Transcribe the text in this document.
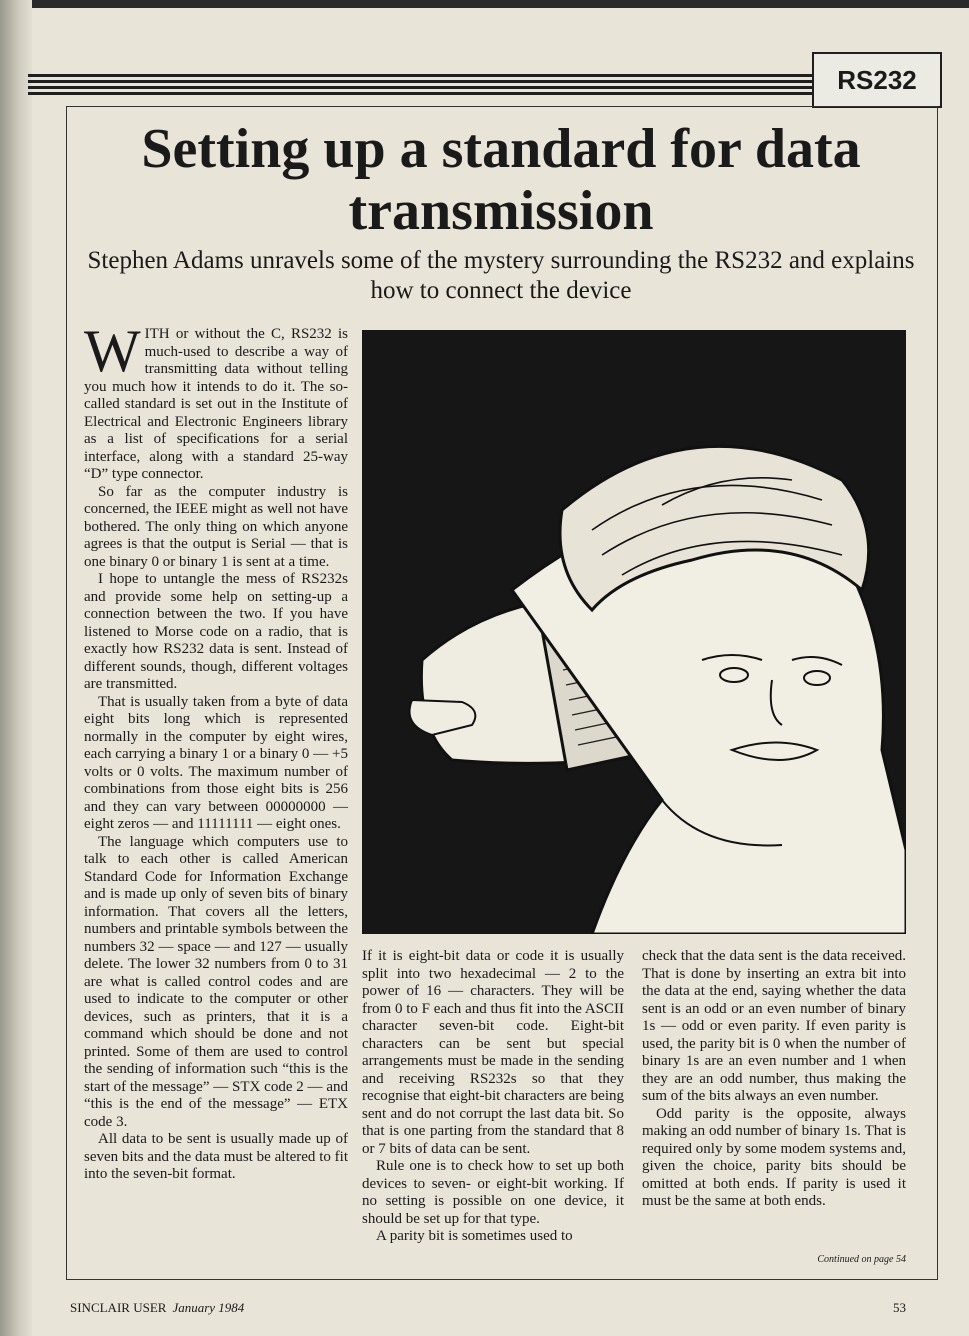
RS232
Setting up a standard for data transmission

Stephen Adams unravels some of the mystery surrounding the RS232 and explains how to connect the device

WITH or without the C, RS232 is much-used to describe a way of transmitting data without telling you much how it intends to do it. The so-called standard is set out in the Institute of Electrical and Electronic Engineers library as a list of specifications for a serial interface, along with a standard 25-way “D” type connector.

So far as the computer industry is concerned, the IEEE might as well not have bothered. The only thing on which anyone agrees is that the output is Serial — that is one binary 0 or binary 1 is sent at a time.

I hope to untangle the mess of RS232s and provide some help on setting-up a connection between the two. If you have listened to Morse code on a radio, that is exactly how RS232 data is sent. Instead of different sounds, though, different voltages are transmitted.

That is usually taken from a byte of data eight bits long which is represented normally in the computer by eight wires, each carrying a binary 1 or a binary 0 — +5 volts or 0 volts. The maximum number of combinations from those eight bits is 256 and they can vary between 00000000 — eight zeros — and 11111111 — eight ones.

The language which computers use to talk to each other is called American Standard Code for Information Exchange and is made up only of seven bits of binary information. That covers all the letters, numbers and printable symbols between the numbers 32 — space — and 127 — usually delete. The lower 32 numbers from 0 to 31 are what is called control codes and are used to indicate to the computer or other devices, such as printers, that it is a command which should be done and not printed. Some of them are used to control the sending of information such “this is the start of the message” — STX code 2 — and “this is the end of the message” — ETX code 3.

All data to be sent is usually made up of seven bits and the data must be altered to fit into the seven-bit format.

If it is eight-bit data or code it is usually split into two hexadecimal — 2 to the power of 16 — characters. They will be from 0 to F each and thus fit into the ASCII character seven-bit code. Eight-bit characters can be sent but special arrangements must be made in the sending and receiving RS232s so that they recognise that eight-bit characters are being sent and do not corrupt the last data bit. So that is one parting from the standard that 8 or 7 bits of data can be sent.

Rule one is to check how to set up both devices to seven- or eight-bit working. If no setting is possible on one device, it should be set up for that type.

A parity bit is sometimes used to

check that the data sent is the data received. That is done by inserting an extra bit into the data at the end, saying whether the data sent is an odd or an even number of binary 1s — odd or even parity. If even parity is used, the parity bit is 0 when the number of binary 1s are an even number and 1 when they are an odd number, thus making the sum of the bits always an even number.

Odd parity is the opposite, always making an odd number of binary 1s. That is required only by some modem systems and, given the choice, parity bits should be omitted at both ends. If parity is used it must be the same at both ends.

Continued on page 54
SINCLAIR USER January 1984	53
